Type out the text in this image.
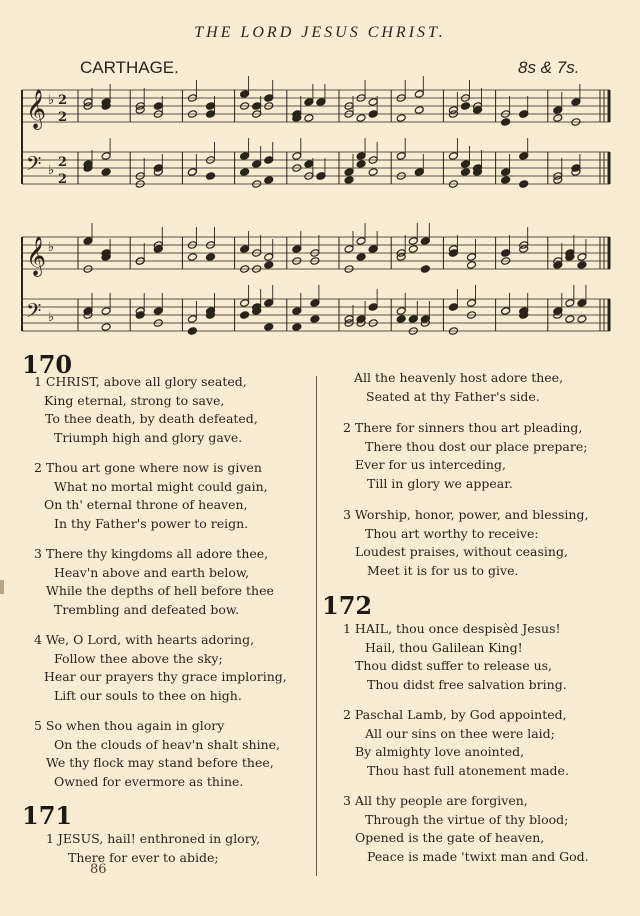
THE LORD JESUS CHRIST.
CARTHAGE.	8s & 7s.
𝄞 ♭ 2
2
𝄢 ♭
2
2
𝄞 ♭
𝄢 ♭
170
1 CHRIST, above all glory seated,
King eternal, strong to save,
To thee death, by death defeated,
Triumph high and glory gave.
2 Thou art gone where now is given
What no mortal might could gain,
On th' eternal throne of heaven,
In thy Father's power to reign.
3 There thy kingdoms all adore thee,
Heav'n above and earth below,
While the depths of hell before thee
Trembling and defeated bow.
4 We, O Lord, with hearts adoring,
Follow thee above the sky;
Hear our prayers thy grace imploring,
Lift our souls to thee on high.
5 So when thou again in glory
On the clouds of heav'n shalt shine,
We thy flock may stand before thee,
Owned for evermore as thine.
171
1 JESUS, hail! enthroned in glory,
There for ever to abide;
All the heavenly host adore thee,
Seated at thy Father's side.
2 There for sinners thou art pleading,
There thou dost our place prepare;
Ever for us interceding,
Till in glory we appear.
3 Worship, honor, power, and blessing,
Thou art worthy to receive:
Loudest praises, without ceasing,
Meet it is for us to give.
172
1 HAIL, thou once despisèd Jesus!
Hail, thou Galilean King!
Thou didst suffer to release us,
Thou didst free salvation bring.
2 Paschal Lamb, by God appointed,
All our sins on thee were laid;
By almighty love anointed,
Thou hast full atonement made.
3 All thy people are forgiven,
Through the virtue of thy blood;
Opened is the gate of heaven,
Peace is made 'twixt man and God.
86
